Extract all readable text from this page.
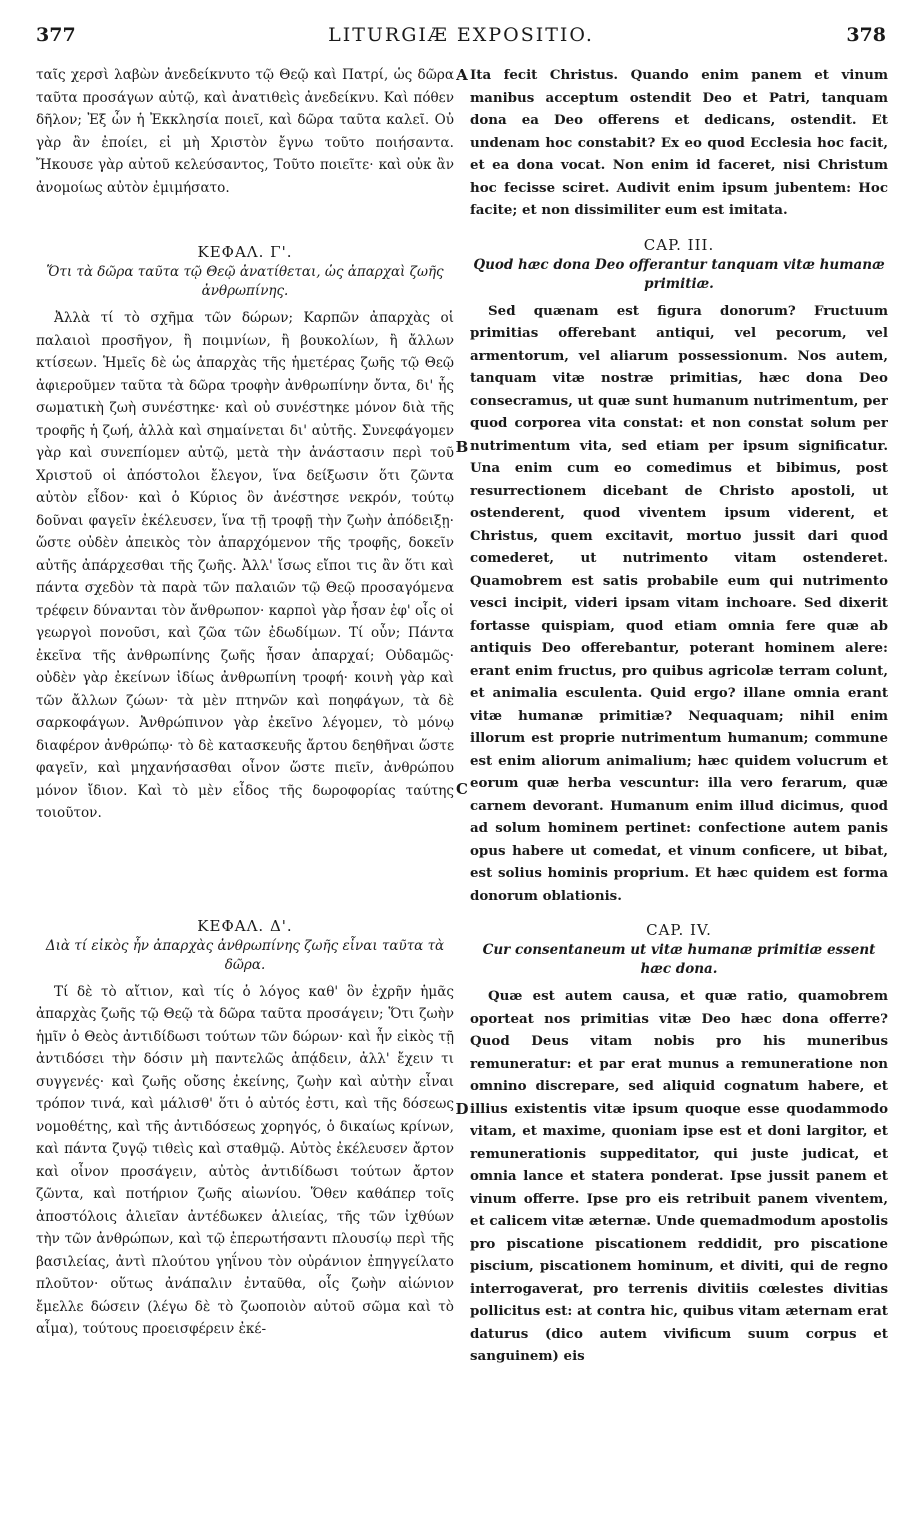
377	LITURGIÆ EXPOSITIO.	378

ταῖς χερσὶ λαβὼν ἀνεδείκνυτο τῷ Θεῷ καὶ Πατρί, ὡς δῶρα ταῦτα προσάγων αὐτῷ, καὶ ἀνατιθεὶς ἀνεδείκνυ. Καὶ πόθεν δῆλον; Ἐξ ὧν ἡ Ἐκκλησία ποιεῖ, καὶ δῶρα ταῦτα καλεῖ. Οὐ γὰρ ἂν ἐποίει, εἰ μὴ Χριστὸν ἔγνω τοῦτο ποιήσαντα. Ἤκουσε γὰρ αὐτοῦ κελεύσαντος, Τοῦτο ποιεῖτε· καὶ οὐκ ἂν ἀνομοίως αὐτὸν ἐμιμήσατο.

ΚΕΦΑΛ. Γ'.
Ὅτι τὰ δῶρα ταῦτα τῷ Θεῷ ἀνατίθεται, ὡς ἀπαρχαὶ ζωῆς ἀνθρωπίνης.

Ἀλλὰ τί τὸ σχῆμα τῶν δώρων; Καρπῶν ἀπαρχὰς οἱ παλαιοὶ προσῆγον, ἢ ποιμνίων, ἢ βουκολίων, ἢ ἄλλων κτίσεων. Ἡμεῖς δὲ ὡς ἀπαρχὰς τῆς ἡμετέρας ζωῆς τῷ Θεῷ ἀφιεροῦμεν ταῦτα τὰ δῶρα τροφὴν ἀνθρωπίνην ὄντα, δι' ἧς σωματικὴ ζωὴ συνέστηκε· καὶ οὐ συνέστηκε μόνον διὰ τῆς τροφῆς ἡ ζωή, ἀλλὰ καὶ σημαίνεται δι' αὐτῆς. Συνεφάγομεν γὰρ καὶ συνεπίομεν αὐτῷ, μετὰ τὴν ἀνάστασιν περὶ τοῦ Χριστοῦ οἱ ἀπόστολοι ἔλεγον, ἵνα δείξωσιν ὅτι ζῶντα αὐτὸν εἶδον· καὶ ὁ Κύριος ὃν ἀνέστησε νεκρόν, τούτῳ δοῦναι φαγεῖν ἐκέλευσεν, ἵνα τῇ τροφῇ τὴν ζωὴν ἀπόδειξῃ· ὥστε οὐδὲν ἀπεικὸς τὸν ἀπαρχόμενον τῆς τροφῆς, δοκεῖν αὐτῆς ἀπάρχεσθαι τῆς ζωῆς. Ἀλλ' ἴσως εἴποι τις ἂν ὅτι καὶ πάντα σχεδὸν τὰ παρὰ τῶν παλαιῶν τῷ Θεῷ προσαγόμενα τρέφειν δύνανται τὸν ἄνθρωπον· καρποὶ γὰρ ἦσαν ἐφ' οἷς οἱ γεωργοὶ πονοῦσι, καὶ ζῶα τῶν ἐδωδίμων. Τί οὖν; Πάντα ἐκεῖνα τῆς ἀνθρωπίνης ζωῆς ἦσαν ἀπαρχαί; Οὐδαμῶς· οὐδὲν γὰρ ἐκείνων ἰδίως ἀνθρωπίνη τροφή· κοινὴ γὰρ καὶ τῶν ἄλλων ζώων· τὰ μὲν πτηνῶν καὶ ποηφάγων, τὰ δὲ σαρκοφάγων. Ἀνθρώπινον γὰρ ἐκεῖνο λέγομεν, τὸ μόνῳ διαφέρον ἀνθρώπῳ· τὸ δὲ κατασκευῆς ἄρτου δεηθῆναι ὥστε φαγεῖν, καὶ μηχανήσασθαι οἶνον ὥστε πιεῖν, ἀνθρώπου μόνον ἴδιον. Καὶ τὸ μὲν εἶδος τῆς δωροφορίας ταύτης τοιοῦτον.

ΚΕΦΑΛ. Δ'.
Διὰ τί εἰκὸς ἦν ἀπαρχὰς ἀνθρωπίνης ζωῆς εἶναι ταῦτα τὰ δῶρα.

Τί δὲ τὸ αἴτιον, καὶ τίς ὁ λόγος καθ' ὃν ἐχρῆν ἡμᾶς ἀπαρχὰς ζωῆς τῷ Θεῷ τὰ δῶρα ταῦτα προσάγειν; Ὅτι ζωὴν ἡμῖν ὁ Θεὸς ἀντιδίδωσι τούτων τῶν δώρων· καὶ ἦν εἰκὸς τῇ ἀντιδόσει τὴν δόσιν μὴ παντελῶς ἀπᾴδειν, ἀλλ' ἔχειν τι συγγενές· καὶ ζωῆς οὔσης ἐκείνης, ζωὴν καὶ αὐτὴν εἶναι τρόπον τινά, καὶ μάλισθ' ὅτι ὁ αὐτός ἐστι, καὶ τῆς δόσεως νομοθέτης, καὶ τῆς ἀντιδόσεως χορηγός, ὁ δικαίως κρίνων, καὶ πάντα ζυγῷ τιθεὶς καὶ σταθμῷ. Αὐτὸς ἐκέλευσεν ἄρτον καὶ οἶνον προσάγειν, αὐτὸς ἀντιδίδωσι τούτων ἄρτον ζῶντα, καὶ ποτήριον ζωῆς αἰωνίου. Ὅθεν καθάπερ τοῖς ἀποστόλοις ἁλιεῖαν ἀντέδωκεν ἁλιείας, τῆς τῶν ἰχθύων τὴν τῶν ἀνθρώπων, καὶ τῷ ἐπερωτήσαντι πλουσίῳ περὶ τῆς βασιλείας, ἀντὶ πλούτου γηΐνου τὸν οὐράνιον ἐπηγγείλατο πλοῦτον· οὕτως ἀνάπαλιν ἐνταῦθα, οἷς ζωὴν αἰώνιον ἔμελλε δώσειν (λέγω δὲ τὸ ζωοποιὸν αὐτοῦ σῶμα καὶ τὸ αἷμα), τούτους προεισφέρειν ἐκέ-

A
B
C
D

Ita fecit Christus. Quando enim panem et vinum manibus acceptum ostendit Deo et Patri, tanquam dona ea Deo offerens et dedicans, ostendit. Et undenam hoc constabit? Ex eo quod Ecclesia hoc facit, et ea dona vocat. Non enim id faceret, nisi Christum hoc fecisse sciret. Audivit enim ipsum jubentem: Hoc facite; et non dissimiliter eum est imitata.

CAP. III.
Quod hæc dona Deo offerantur tanquam vitæ humanæ primitiæ.

Sed quænam est figura donorum? Fructuum primitias offerebant antiqui, vel pecorum, vel armentorum, vel aliarum possessionum. Nos autem, tanquam vitæ nostræ primitias, hæc dona Deo consecramus, ut quæ sunt humanum nutrimentum, per quod corporea vita constat: et non constat solum per nutrimentum vita, sed etiam per ipsum significatur. Una enim cum eo comedimus et bibimus, post resurrectionem dicebant de Christo apostoli, ut ostenderent, quod viventem ipsum viderent, et Christus, quem excitavit, mortuo jussit dari quod comederet, ut nutrimento vitam ostenderet. Quamobrem est satis probabile eum qui nutrimento vesci incipit, videri ipsam vitam inchoare. Sed dixerit fortasse quispiam, quod etiam omnia fere quæ ab antiquis Deo offerebantur, poterant hominem alere: erant enim fructus, pro quibus agricolæ terram colunt, et animalia esculenta. Quid ergo? illane omnia erant vitæ humanæ primitiæ? Nequaquam; nihil enim illorum est proprie nutrimentum humanum; commune est enim aliorum animalium; hæc quidem volucrum et eorum quæ herba vescuntur: illa vero ferarum, quæ carnem devorant. Humanum enim illud dicimus, quod ad solum hominem pertinet: confectione autem panis opus habere ut comedat, et vinum conficere, ut bibat, est solius hominis proprium. Et hæc quidem est forma donorum oblationis.

CAP. IV.
Cur consentaneum ut vitæ humanæ primitiæ essent hæc dona.

Quæ est autem causa, et quæ ratio, quamobrem oporteat nos primitias vitæ Deo hæc dona offerre? Quod Deus vitam nobis pro his muneribus remuneratur: et par erat munus a remuneratione non omnino discrepare, sed aliquid cognatum habere, et illius existentis vitæ ipsum quoque esse quodammodo vitam, et maxime, quoniam ipse est et doni largitor, et remunerationis suppeditator, qui juste judicat, et omnia lance et statera ponderat. Ipse jussit panem et vinum offerre. Ipse pro eis retribuit panem viventem, et calicem vitæ æternæ. Unde quemadmodum apostolis pro piscatione piscationem reddidit, pro piscatione piscium, piscationem hominum, et diviti, qui de regno interrogaverat, pro terrenis divitiis cœlestes divitias pollicitus est: at contra hic, quibus vitam æternam erat daturus (dico autem vivificum suum corpus et sanguinem) eis
